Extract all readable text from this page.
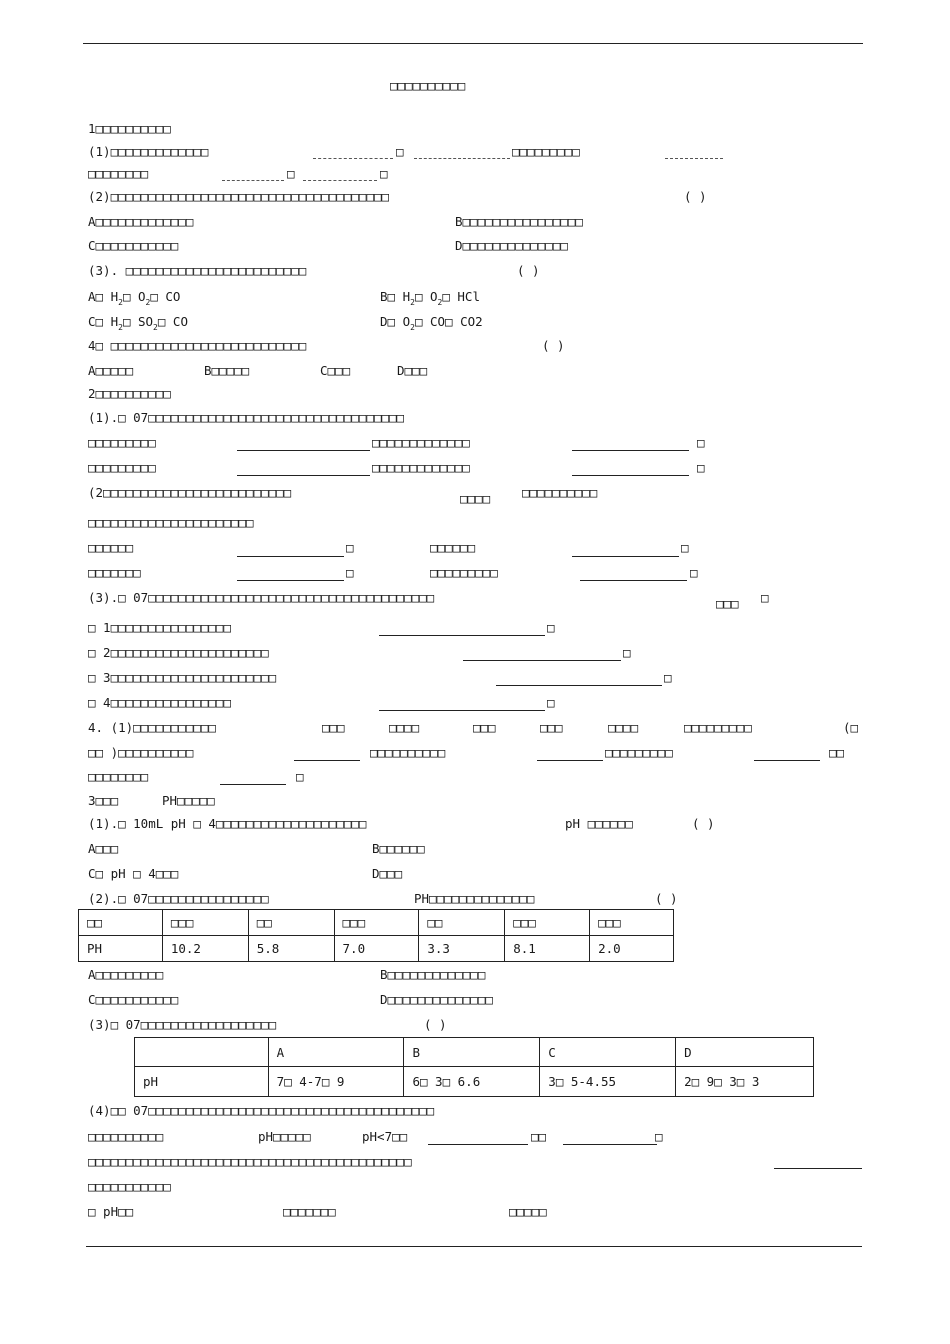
□□□□□□□□□□
1□□□□□□□□□□
(1)□□□□□□□□□□□□□	□	□□□□□□□□□
□□□□□□□□	□	□
(2)□□□□□□□□□□□□□□□□□□□□□□□□□□□□□□□□□□□□□	( )
A□□□□□□□□□□□□□	B□□□□□□□□□□□□□□□□
C□□□□□□□□□□□	D□□□□□□□□□□□□□□
(3). □□□□□□□□□□□□□□□□□□□□□□□□	( )
A□ $H_2□$ $O_2□$ CO	B□ $H_2□$ $O_2□$ HCl
C□ $H_2□$ $SO_2□$ CO	D□ $O_2□$ CO□ CO2
4□ □□□□□□□□□□□□□□□□□□□□□□□□□□	( )
A□□□□□	B□□□□□	C□□□	D□□□
2□□□□□□□□□□
(1).□ 07□□□□□□□□□□□□□□□□□□□□□□□□□□□□□□□□□□
□□□□□□□□□	□□□□□□□□□□□□□	□
□□□□□□□□□	□□□□□□□□□□□□□	□
(2□□□□□□□□□□□□□□□□□□□□□□□□□	□□□□	□□□□□□□□□□
□□□□□□□□□□□□□□□□□□□□□□
□□□□□□	□	□□□□□□	□
□□□□□□□	□	□□□□□□□□□	□
(3).□ 07□□□□□□□□□□□□□□□□□□□□□□□□□□□□□□□□□□□□□□	□□□ □
□ 1□□□□□□□□□□□□□□□□	□
□ 2□□□□□□□□□□□□□□□□□□□□□	□
□ 3□□□□□□□□□□□□□□□□□□□□□□	□
□ 4□□□□□□□□□□□□□□□□	□
4. (1)□□□□□□□□□□□	□□□	□□□□	□□□	□□□	□□□□	□□□□□□□□□	(□
□□ )□□□□□□□□□□	□□□□□□□□□□	□□□□□□□□□	□□
□□□□□□□□	□
3□□□	PH□□□□□
(1).□ 10mL pH □ 4□□□□□□□□□□□□□□□□□□□□	pH □□□□□□	( )
A□□□	B□□□□□□
C□ pH □ 4□□□	D□□□
(2).□ 07□□□□□□□□□□□□□□□□	PH□□□□□□□□□□□□□□	( )
□□	□□□	□□	□□□	□□	□□□	□□□
PH	10.2	5.8	7.0	3.3	8.1	2.0
A□□□□□□□□□	B□□□□□□□□□□□□□
C□□□□□□□□□□□	D□□□□□□□□□□□□□□
(3)□ 07□□□□□□□□□□□□□□□□□□	( )
	A	B	C	D
pH	7□ 4-7□ 9	6□ 3□ 6.6	3□ 5-4.55	2□ 9□ 3□ 3
(4)□□ 07□□□□□□□□□□□□□□□□□□□□□□□□□□□□□□□□□□□□□□
□□□□□□□□□□	pH□□□□□	pH<7□□	□□	□
□□□□□□□□□□□□□□□□□□□□□□□□□□□□□□□□□□□□□□□□□□□
□□□□□□□□□□□
□ pH□□	□□□□□□□	□□□□□
